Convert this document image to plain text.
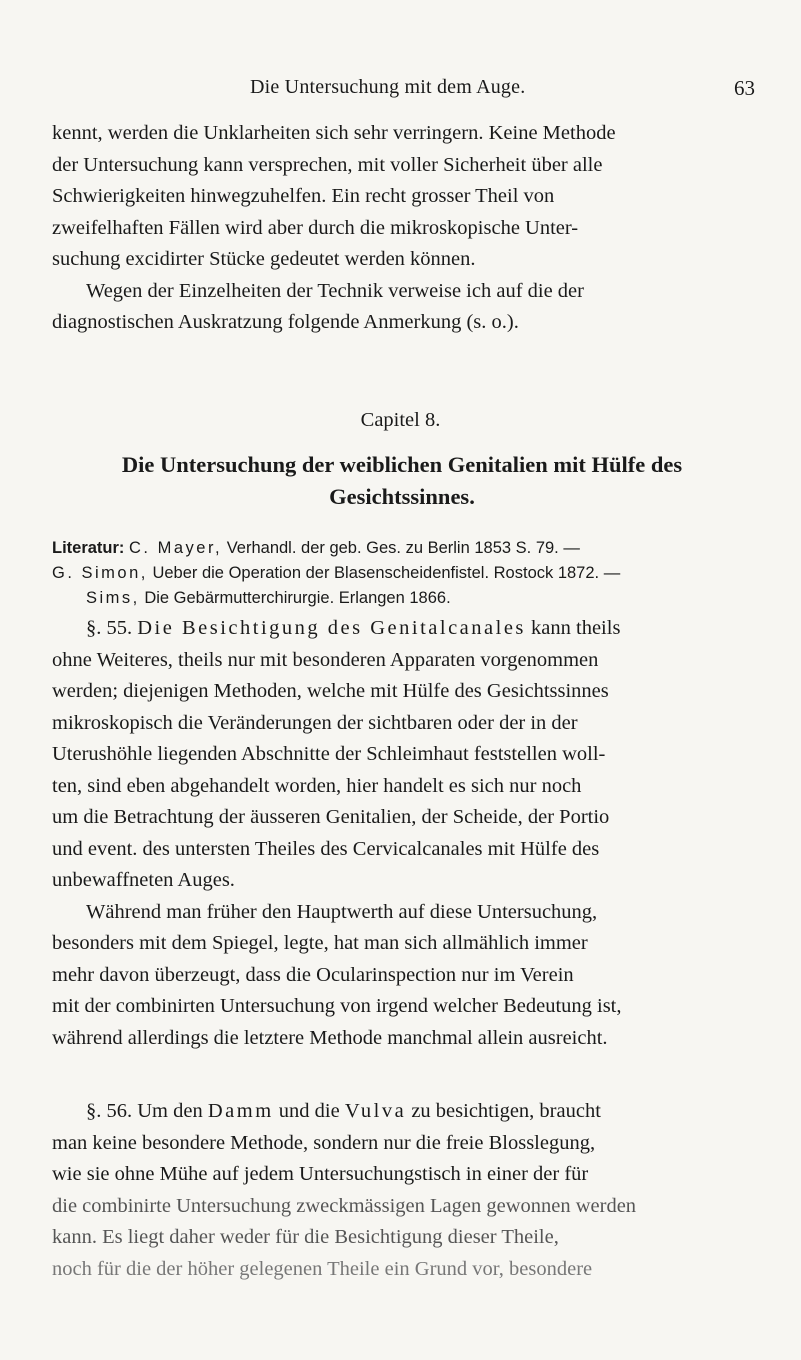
Die Untersuchung mit dem Auge.	63

kennt, werden die Unklarheiten sich sehr verringern. Keine Methode

der Untersuchung kann versprechen, mit voller Sicherheit über alle

Schwierigkeiten hinwegzuhelfen. Ein recht grosser Theil von

zweifelhaften Fällen wird aber durch die mikroskopische Unter-

suchung excidirter Stücke gedeutet werden können.

Wegen der Einzelheiten der Technik verweise ich auf die der

diagnostischen Auskratzung folgende Anmerkung (s. o.).

Capitel 8.
Die Untersuchung der weiblichen Genitalien mit Hülfe des
Gesichtssinnes.
Literatur: C. Mayer, Verhandl. der geb. Ges. zu Berlin 1853 S. 79. —
G. Simon, Ueber die Operation der Blasenscheidenfistel. Rostock 1872. —
Sims, Die Gebärmutterchirurgie. Erlangen 1866.

§. 55. Die Besichtigung des Genitalcanales kann theils

ohne Weiteres, theils nur mit besonderen Apparaten vorgenommen

werden; diejenigen Methoden, welche mit Hülfe des Gesichtssinnes

mikroskopisch die Veränderungen der sichtbaren oder der in der

Uterushöhle liegenden Abschnitte der Schleimhaut feststellen woll-

ten, sind eben abgehandelt worden, hier handelt es sich nur noch

um die Betrachtung der äusseren Genitalien, der Scheide, der Portio

und event. des untersten Theiles des Cervicalcanales mit Hülfe des

unbewaffneten Auges.

Während man früher den Hauptwerth auf diese Untersuchung,

besonders mit dem Spiegel, legte, hat man sich allmählich immer

mehr davon überzeugt, dass die Ocularinspection nur im Verein

mit der combinirten Untersuchung von irgend welcher Bedeutung ist,

während allerdings die letztere Methode manchmal allein ausreicht.

§. 56. Um den Damm und die Vulva zu besichtigen, braucht

man keine besondere Methode, sondern nur die freie Blosslegung,

wie sie ohne Mühe auf jedem Untersuchungstisch in einer der für

die combinirte Untersuchung zweckmässigen Lagen gewonnen werden

kann. Es liegt daher weder für die Besichtigung dieser Theile,

noch für die der höher gelegenen Theile ein Grund vor, besondere
